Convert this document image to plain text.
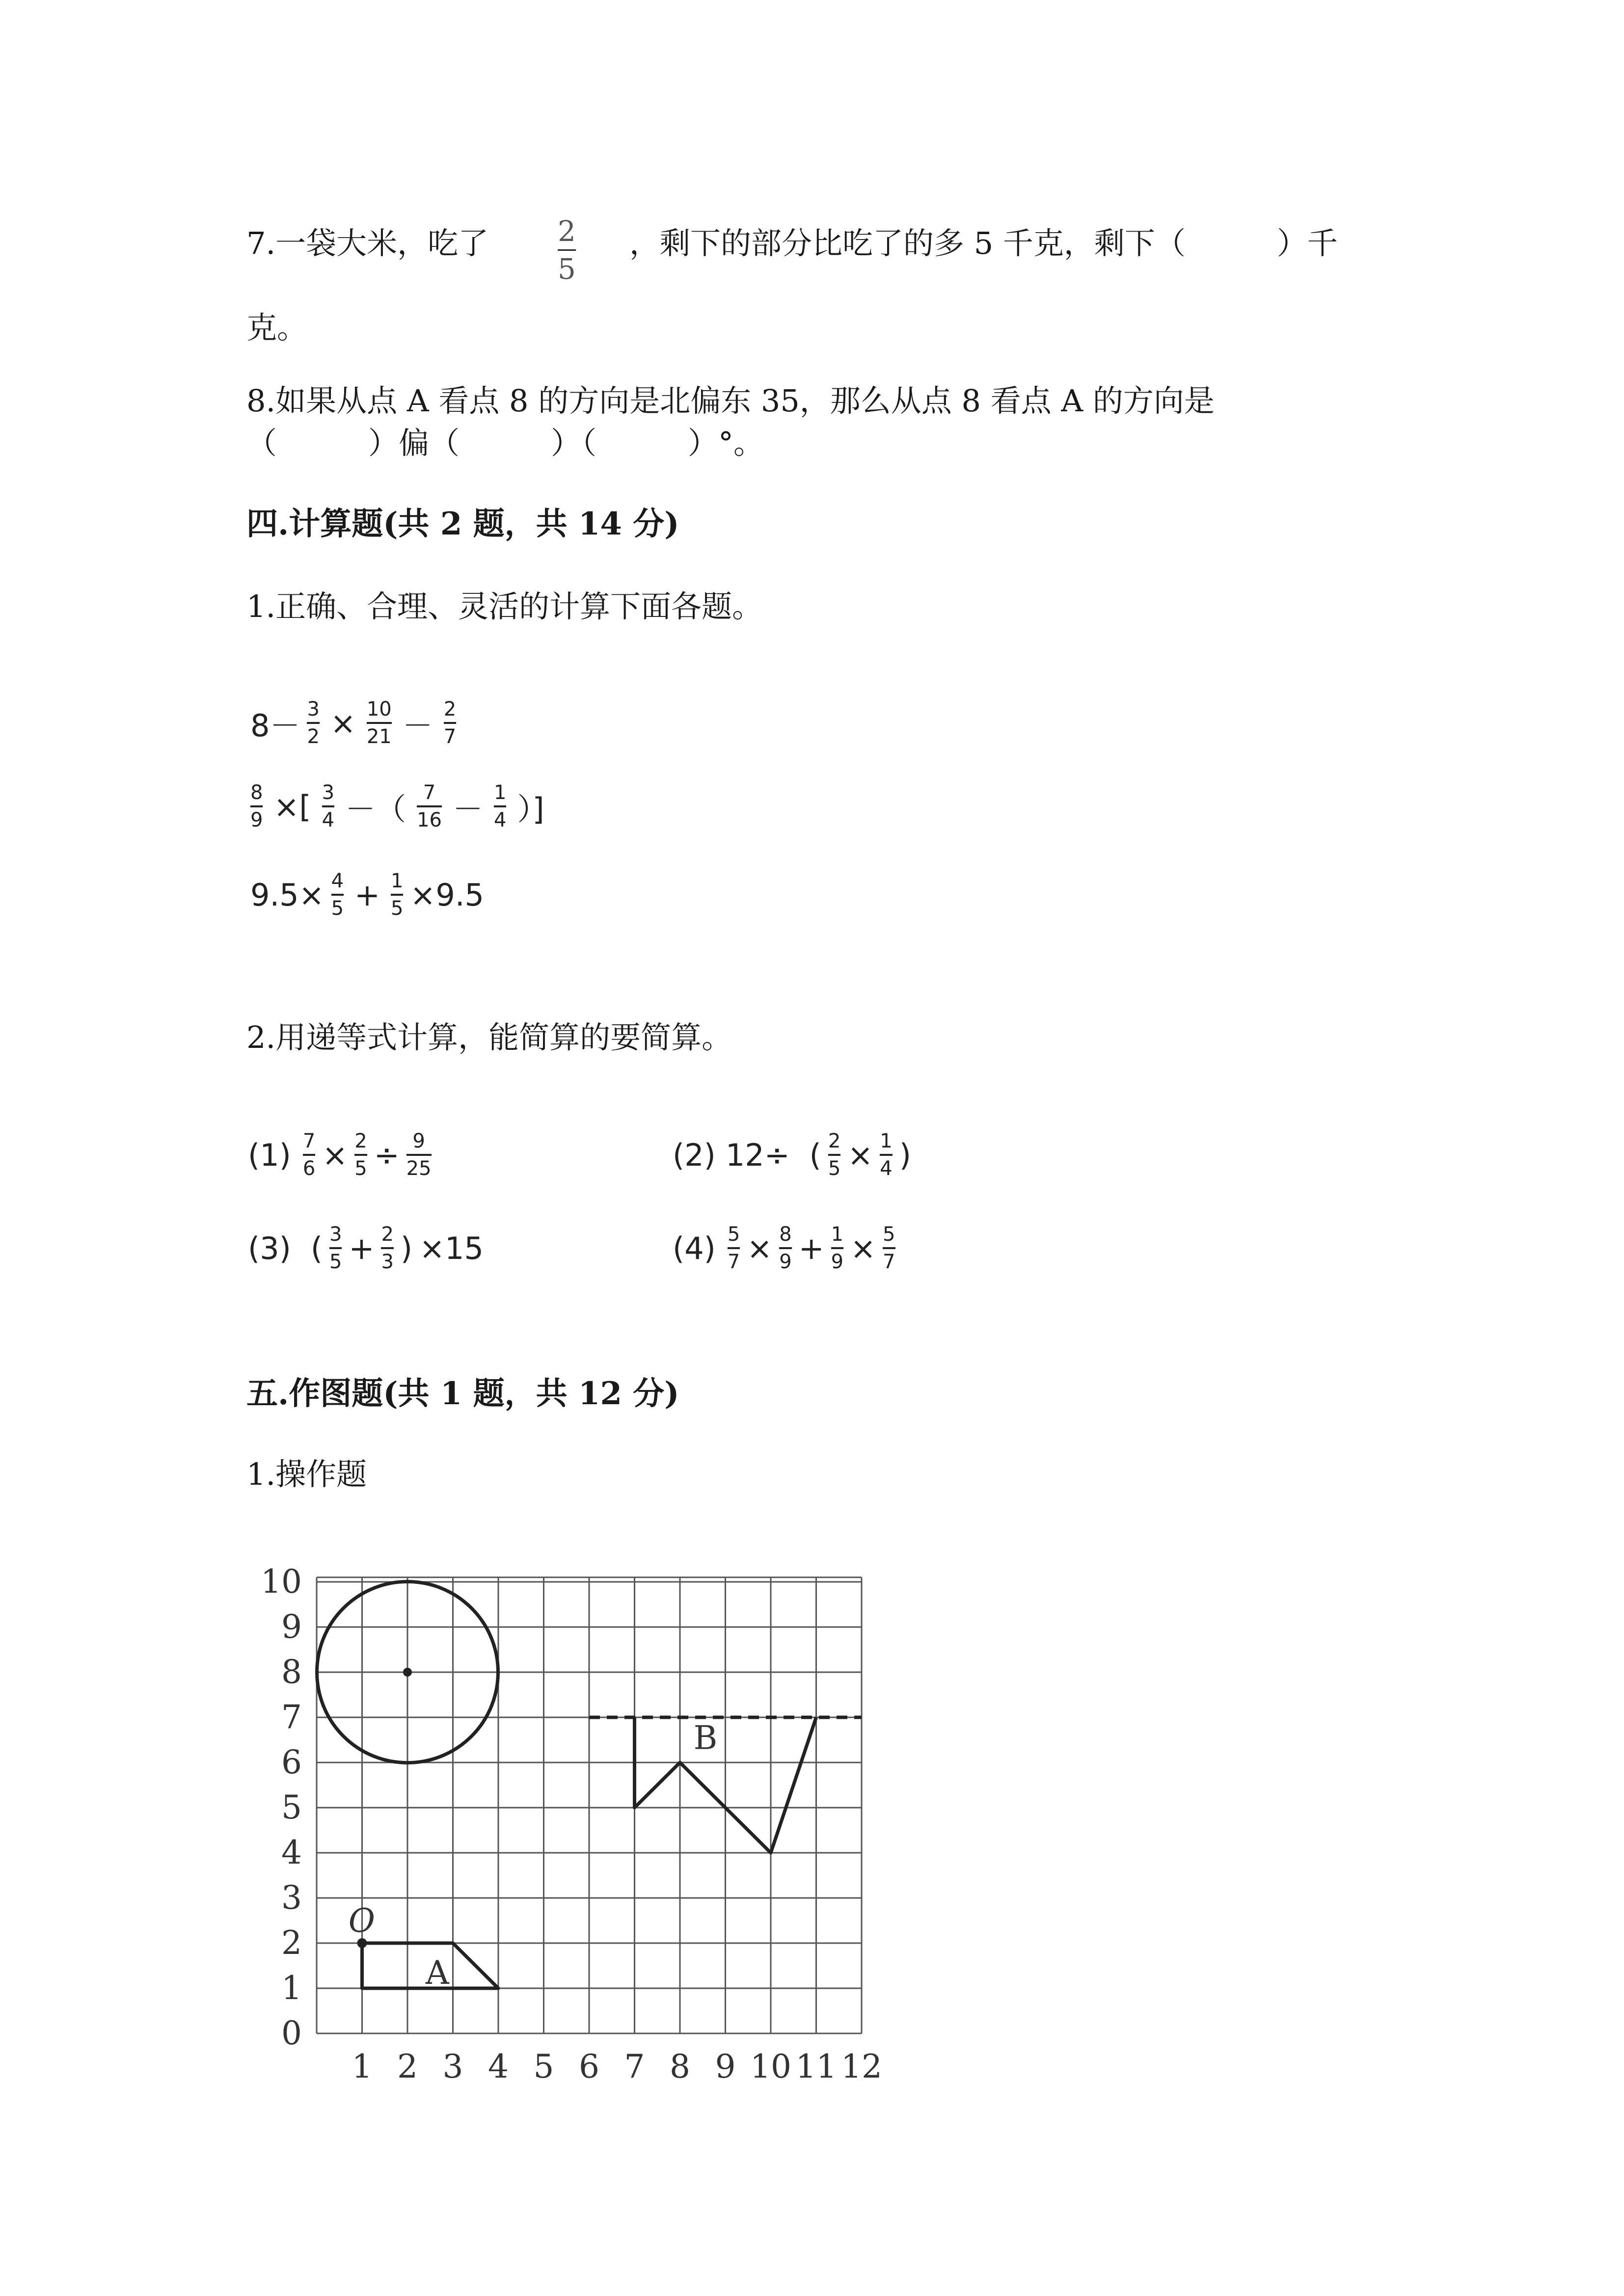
7.一袋大米，吃了 2
5
，剩下的部分比吃了的多 5 千克，剩下（　　　）千
克。
8.如果从点 A 看点 8 的方向是北偏东 35，那么从点 8 看点 A 的方向是
（　　　）偏（　　　）（　　　）°。
四.计算题(共 2 题，共 14 分)
1.正确、合理、灵活的计算下面各题。
$8- \frac{3}{2} \times \frac{10}{21} - \frac{2}{7}$
$\frac{8}{9}$ ×[ $\frac{3}{4}$ －（ $\frac{7}{16} - \frac{1}{4}$ ）]
$9.5\times \frac{4}{5} + \frac{1}{5} \times 9.5$
2.用递等式计算，能简算的要简算。
$(1) \frac{7}{6} \times \frac{2}{5} \div \frac{9}{25}$	(2) 12÷ ( $\frac{2}{5} \times \frac{1}{4}$ )
(3) ( $\frac{3}{5} + \frac{2}{3}$ ) ×15	$(4) \frac{5}{7} \times \frac{8}{9} + \frac{1}{9} \times \frac{5}{7}$
五.作图题(共 1 题，共 12 分)
1.操作题
1 2 3 4 5 6 7 8 9 10 11 12
0
1
2
3
4
5
6
7
8
9
10
O
A
B
